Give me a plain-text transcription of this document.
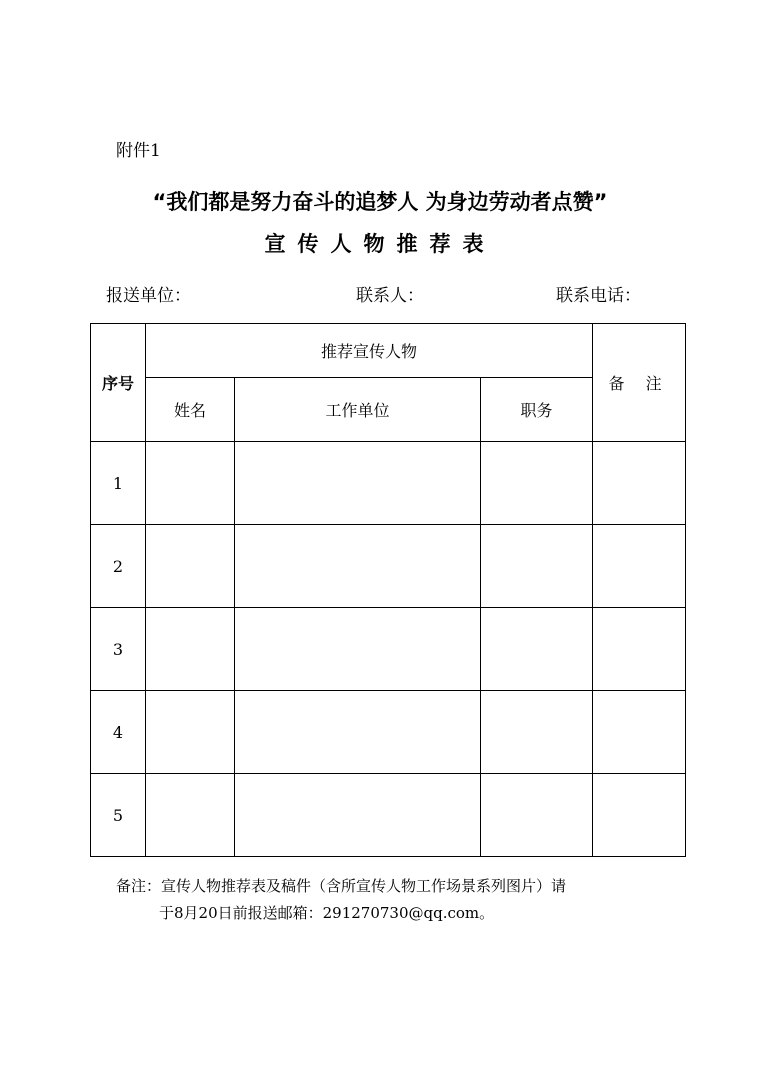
附件1
“我们都是努力奋斗的追梦人 为身边劳动者点赞”
宣传人物推荐表
报送单位：	联系人：	联系电话：
序号	推荐宣传人物			备 注
	姓名	工作单位	职务	
1				
2				
3				
4				
5				
备注：宣传人物推荐表及稿件（含所宣传人物工作场景系列图片）请
于8月20日前报送邮箱：291270730@qq.com。
